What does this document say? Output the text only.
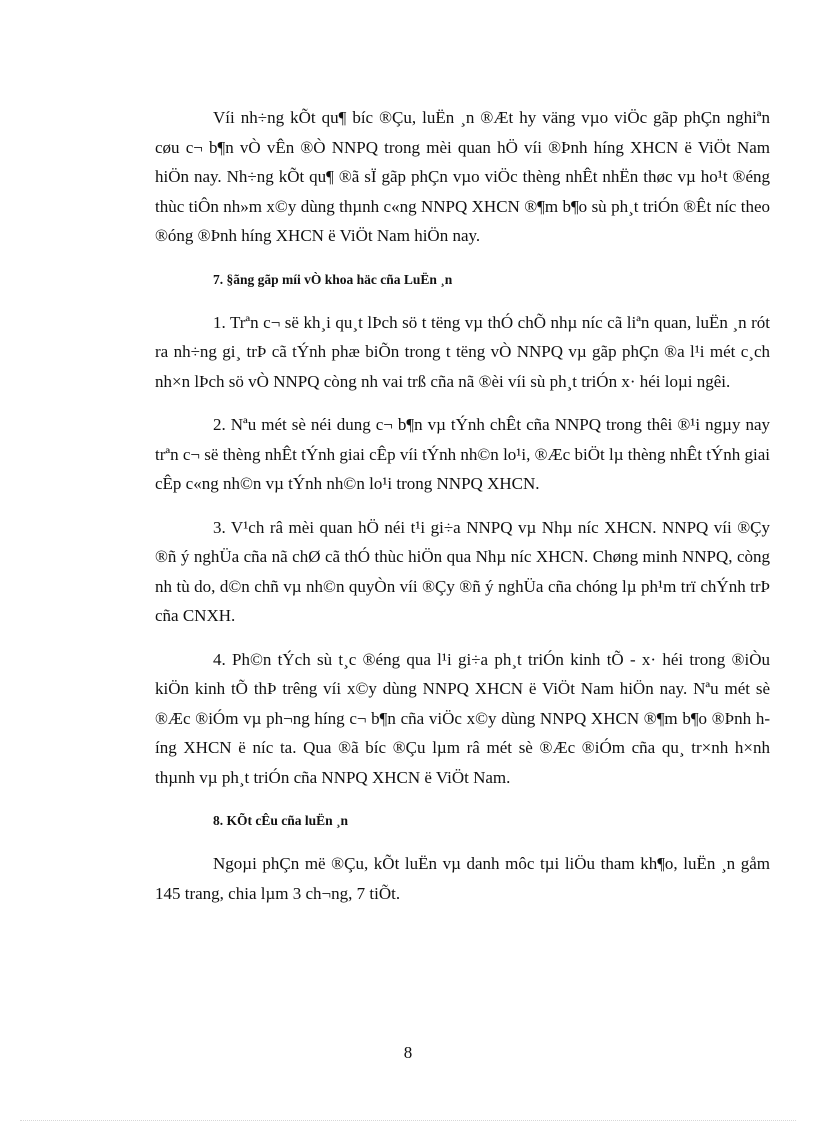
Víi nh÷ng kÕt qu¶ bíc ®Çu, luËn ¸n ®Æt hy väng vµo viÖc gãp phÇn nghiªn cøu c¬ b¶n vÒ vÊn ®Ò NNPQ trong mèi quan hÖ víi ®Þnh híng XHCN ë ViÖt Nam hiÖn nay. Nh÷ng kÕt qu¶ ®ã sÏ gãp phÇn vµo viÖc thèng nhÊt nhËn thøc vµ ho¹t ®éng thùc tiÔn nh»m x©y dùng thµnh c«ng NNPQ XHCN ®¶m b¶o sù ph¸t triÓn ®Êt níc theo ®óng ®Þnh híng XHCN ë ViÖt Nam hiÖn nay.

7. §ãng gãp míi vÒ khoa häc cña LuËn ¸n

1. Trªn c¬ së kh¸i qu¸t lÞch sö t tëng vµ thÓ chÕ nhµ níc cã liªn quan, luËn ¸n rót ra nh÷ng gi¸ trÞ cã tÝnh phæ biÕn trong t tëng vÒ NNPQ vµ gãp phÇn ®a l¹i mét c¸ch nh×n lÞch sö vÒ NNPQ còng nh vai trß cña nã ®èi víi sù ph¸t triÓn x· héi loµi ngêi.

2. Nªu mét sè néi dung c¬ b¶n vµ tÝnh chÊt cña NNPQ trong thêi ®¹i ngµy nay trªn c¬ së thèng nhÊt tÝnh giai cÊp víi tÝnh nh©n lo¹i, ®Æc biÖt lµ thèng nhÊt tÝnh giai cÊp c«ng nh©n vµ tÝnh nh©n lo¹i trong NNPQ XHCN.

3. V¹ch râ mèi quan hÖ néi t¹i gi÷a NNPQ vµ Nhµ níc XHCN. NNPQ víi ®Çy ®ñ ý nghÜa cña nã chØ cã thÓ thùc hiÖn qua Nhµ níc XHCN. Chøng minh NNPQ, còng nh tù do, d©n chñ vµ nh©n quyÒn víi ®Çy ®ñ ý nghÜa cña chóng lµ ph¹m trï chÝnh trÞ cña CNXH.

4. Ph©n tÝch sù t¸c ®éng qua l¹i gi÷a ph¸t triÓn kinh tÕ - x· héi trong ®iÒu kiÖn kinh tÕ thÞ trêng víi x©y dùng NNPQ XHCN ë ViÖt Nam hiÖn nay. Nªu mét sè ®Æc ®iÓm vµ ph¬ng híng c¬ b¶n cña viÖc x©y dùng NNPQ XHCN ®¶m b¶o ®Þnh híng XHCN ë níc ta. Qua ®ã bíc ®Çu lµm râ mét sè ®Æc ®iÓm cña qu¸ tr×nh h×nh thµnh vµ ph¸t triÓn cña NNPQ XHCN ë ViÖt Nam.

8. KÕt cÊu cña luËn ¸n

Ngoµi phÇn më ®Çu, kÕt luËn vµ danh môc tµi liÖu tham kh¶o, luËn ¸n gåm 145 trang, chia lµm 3 ch¬ng, 7 tiÕt.

8
